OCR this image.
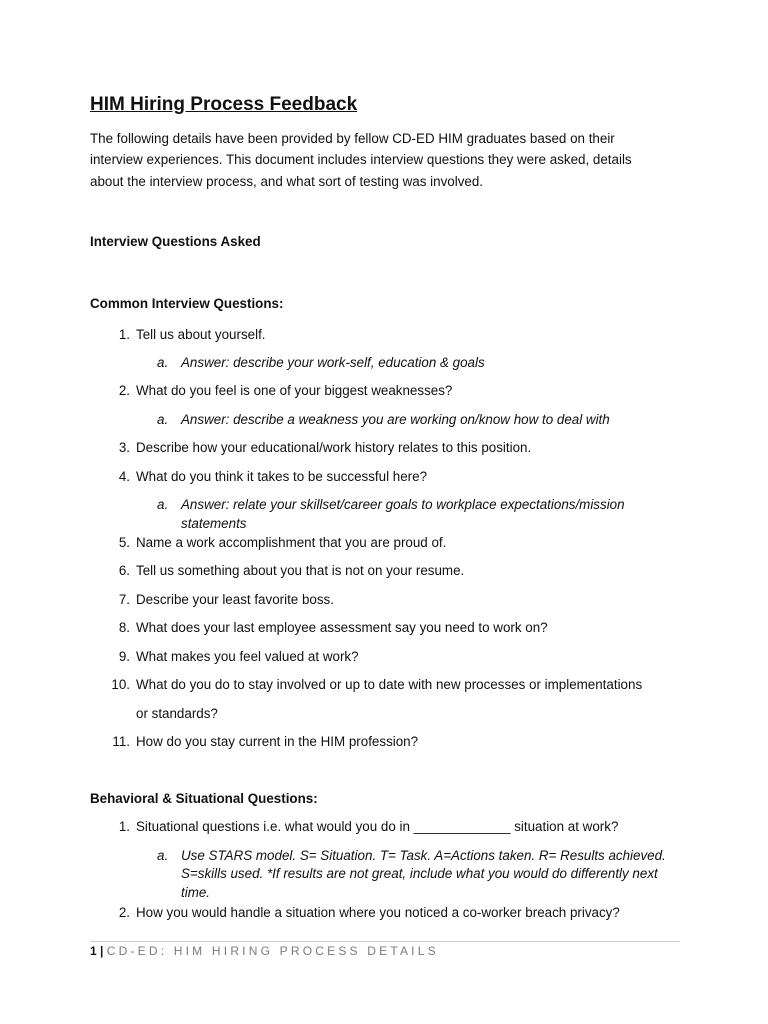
HIM Hiring Process Feedback
The following details have been provided by fellow CD-ED HIM graduates based on their
interview experiences. This document includes interview questions they were asked, details
about the interview process, and what sort of testing was involved.
Interview Questions Asked
Common Interview Questions:
1. Tell us about yourself.
a. Answer: describe your work-self, education & goals
2. What do you feel is one of your biggest weaknesses?
a. Answer: describe a weakness you are working on/know how to deal with
3. Describe how your educational/work history relates to this position.
4. What do you think it takes to be successful here?
a. Answer: relate your skillset/career goals to workplace expectations/mission
statements
5. Name a work accomplishment that you are proud of.
6. Tell us something about you that is not on your resume.
7. Describe your least favorite boss.
8. What does your last employee assessment say you need to work on?
9. What makes you feel valued at work?
10. What do you do to stay involved or up to date with new processes or implementations
or standards?
11. How do you stay current in the HIM profession?
Behavioral & Situational Questions:
1. Situational questions i.e. what would you do in _____________ situation at work?
a. Use STARS model. S= Situation. T= Task. A=Actions taken. R= Results achieved.
S=skills used. *If results are not great, include what you would do differently next
time.
2. How you would handle a situation where you noticed a co-worker breach privacy?
1 | CD-ED: HIM HIRING PROCESS DETAILS
